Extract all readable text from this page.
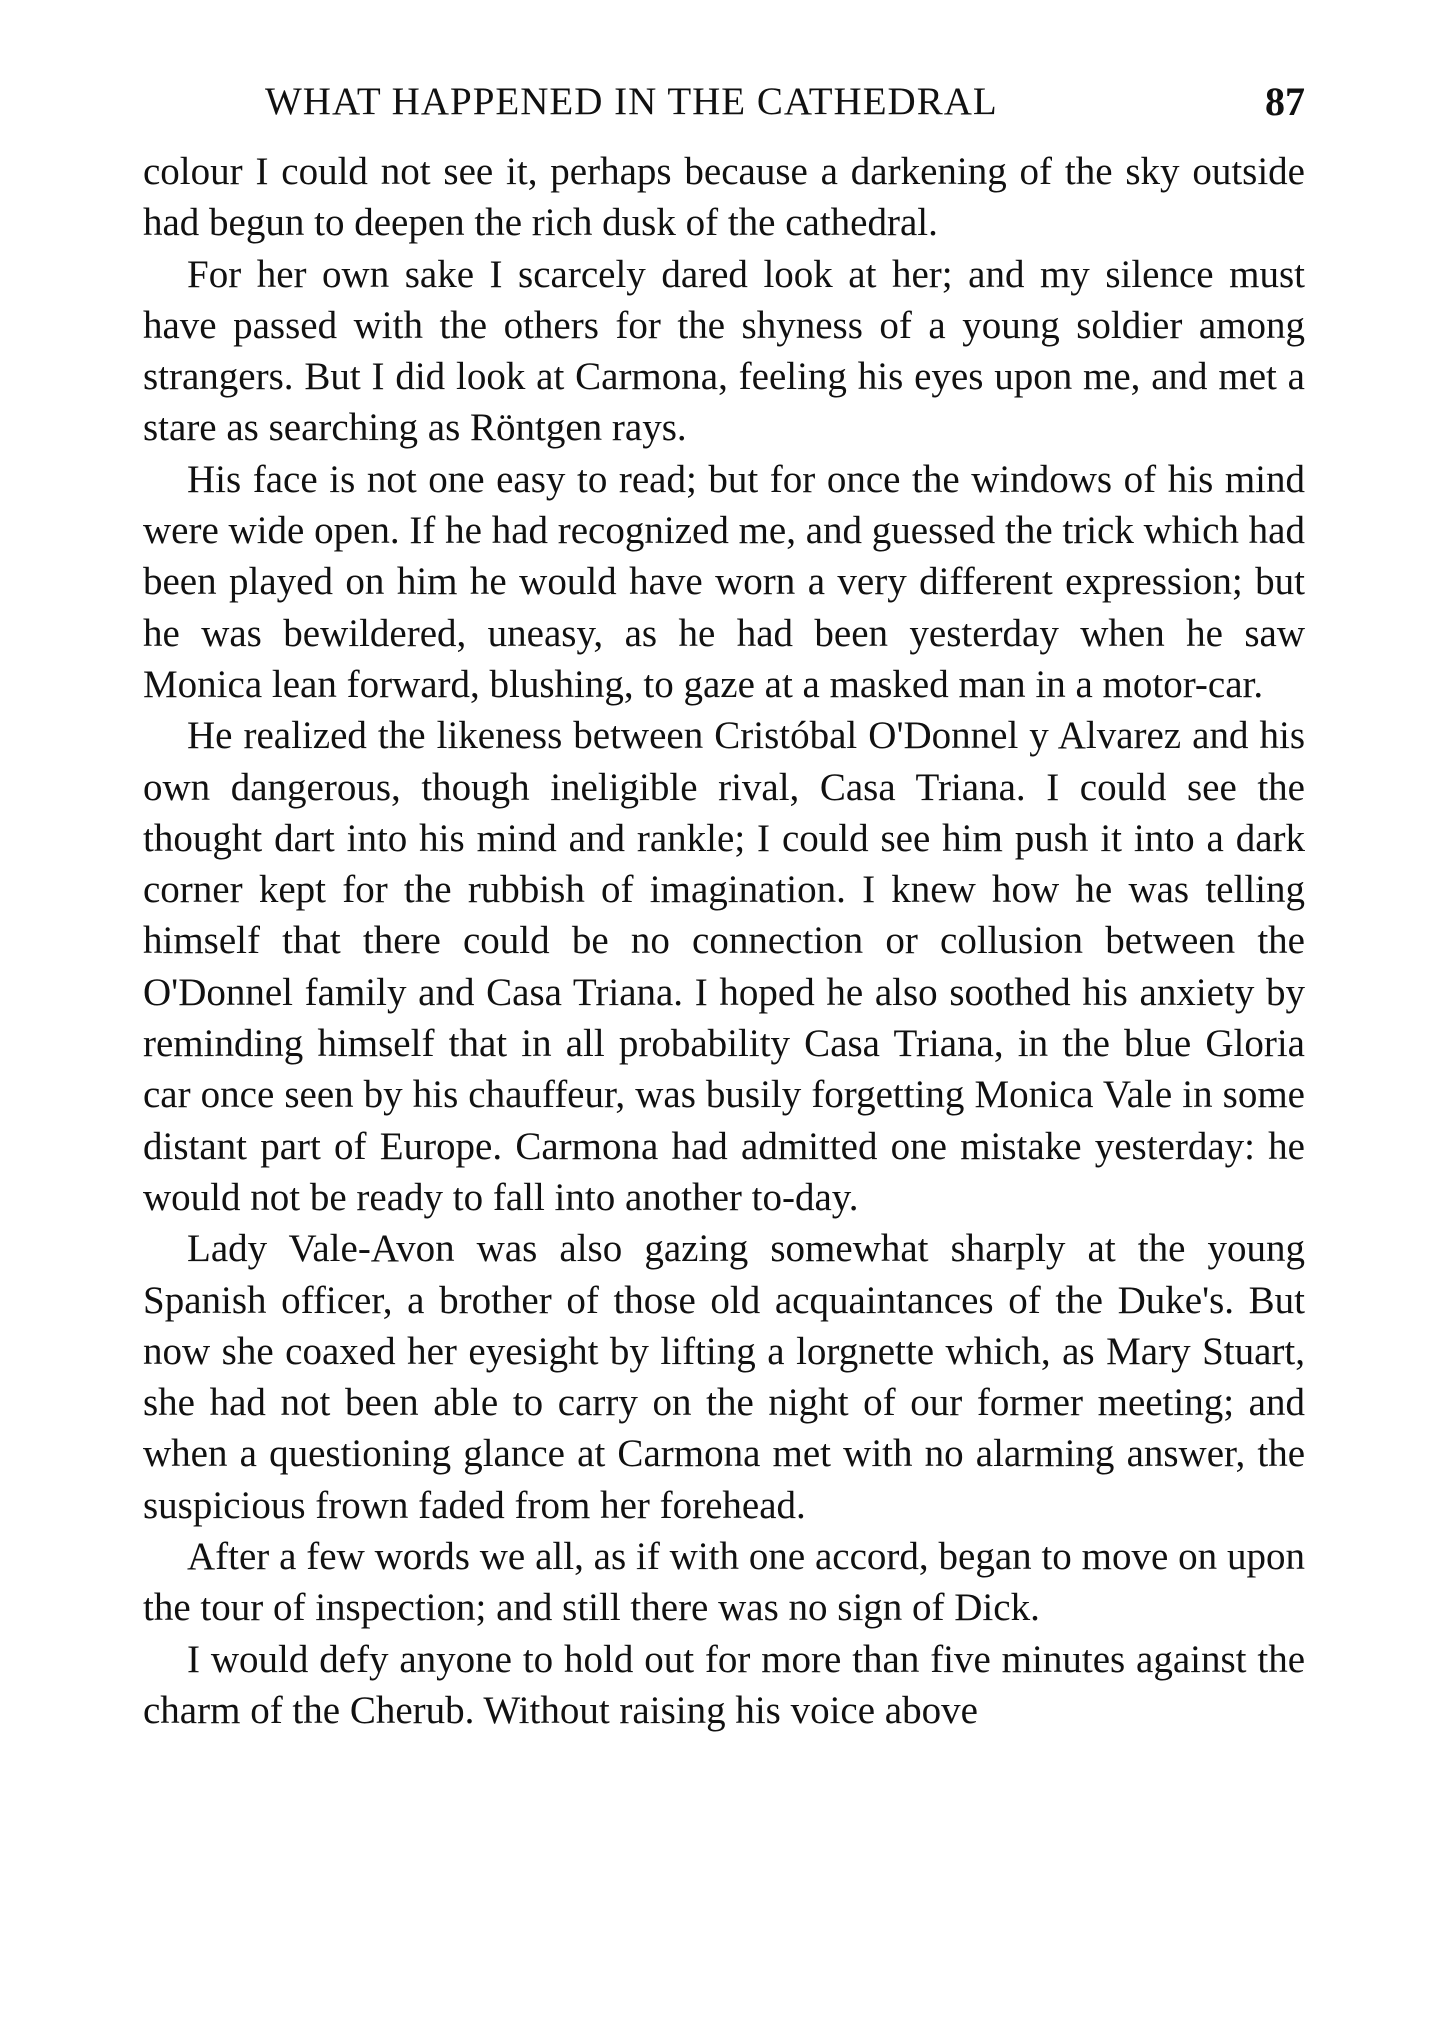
WHAT HAPPENED IN THE CATHEDRAL	87

colour I could not see it, perhaps because a darkening of the sky outside had begun to deepen the rich dusk of the cathedral.

For her own sake I scarcely dared look at her; and my silence must have passed with the others for the shyness of a young soldier among strangers. But I did look at Carmona, feeling his eyes upon me, and met a stare as searching as Röntgen rays.

His face is not one easy to read; but for once the windows of his mind were wide open. If he had recognized me, and guessed the trick which had been played on him he would have worn a very different expression; but he was bewildered, uneasy, as he had been yesterday when he saw Monica lean forward, blushing, to gaze at a masked man in a motor-car.

He realized the likeness between Cristóbal O'Donnel y Alvarez and his own dangerous, though ineligible rival, Casa Triana. I could see the thought dart into his mind and rankle; I could see him push it into a dark corner kept for the rubbish of imagination. I knew how he was telling himself that there could be no connection or collusion between the O'Donnel family and Casa Triana. I hoped he also soothed his anxiety by reminding himself that in all probability Casa Triana, in the blue Gloria car once seen by his chauffeur, was busily forgetting Monica Vale in some distant part of Europe. Carmona had admitted one mistake yesterday: he would not be ready to fall into another to-day.

Lady Vale-Avon was also gazing somewhat sharply at the young Spanish officer, a brother of those old acquaintances of the Duke's. But now she coaxed her eyesight by lifting a lorgnette which, as Mary Stuart, she had not been able to carry on the night of our former meeting; and when a questioning glance at Carmona met with no alarming answer, the suspicious frown faded from her forehead.

After a few words we all, as if with one accord, began to move on upon the tour of inspection; and still there was no sign of Dick.

I would defy anyone to hold out for more than five minutes against the charm of the Cherub. Without raising his voice above
